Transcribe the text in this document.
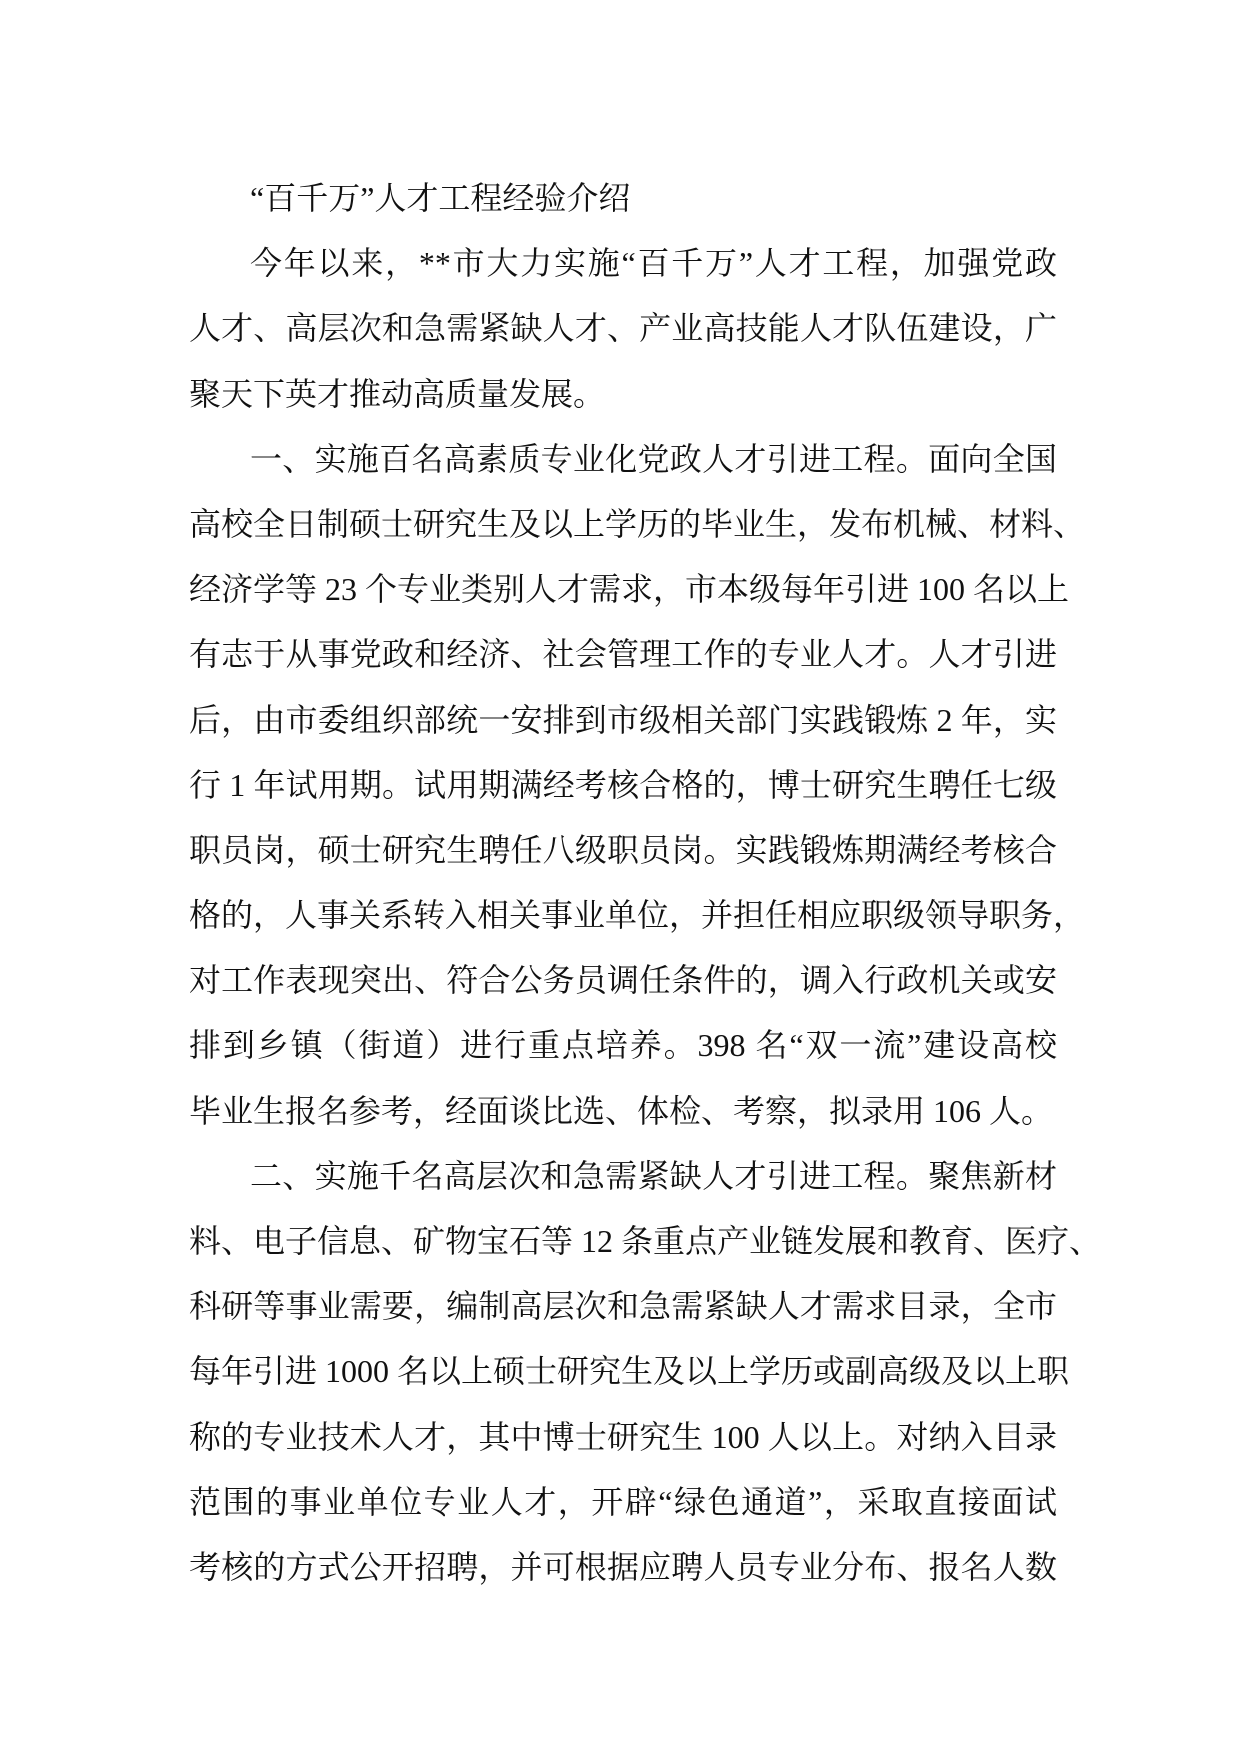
“百千万”人才工程经验介绍
今年以来，**市大力实施“百千万”人才工程，加强党政
人才、高层次和急需紧缺人才、产业高技能人才队伍建设，广
聚天下英才推动高质量发展。
一、实施百名高素质专业化党政人才引进工程。面向全国
高校全日制硕士研究生及以上学历的毕业生，发布机械、材料、
经济学等 23 个专业类别人才需求，市本级每年引进 100 名以上
有志于从事党政和经济、社会管理工作的专业人才。人才引进
后，由市委组织部统一安排到市级相关部门实践锻炼 2 年，实
行 1 年试用期。试用期满经考核合格的，博士研究生聘任七级
职员岗，硕士研究生聘任八级职员岗。实践锻炼期满经考核合
格的，人事关系转入相关事业单位，并担任相应职级领导职务，
对工作表现突出、符合公务员调任条件的，调入行政机关或安
排到乡镇（街道）进行重点培养。398 名“双一流”建设高校
毕业生报名参考，经面谈比选、体检、考察，拟录用 106 人。
二、实施千名高层次和急需紧缺人才引进工程。聚焦新材
料、电子信息、矿物宝石等 12 条重点产业链发展和教育、医疗、
科研等事业需要，编制高层次和急需紧缺人才需求目录，全市
每年引进 1000 名以上硕士研究生及以上学历或副高级及以上职
称的专业技术人才，其中博士研究生 100 人以上。对纳入目录
范围的事业单位专业人才，开辟“绿色通道”，采取直接面试
考核的方式公开招聘，并可根据应聘人员专业分布、报名人数
